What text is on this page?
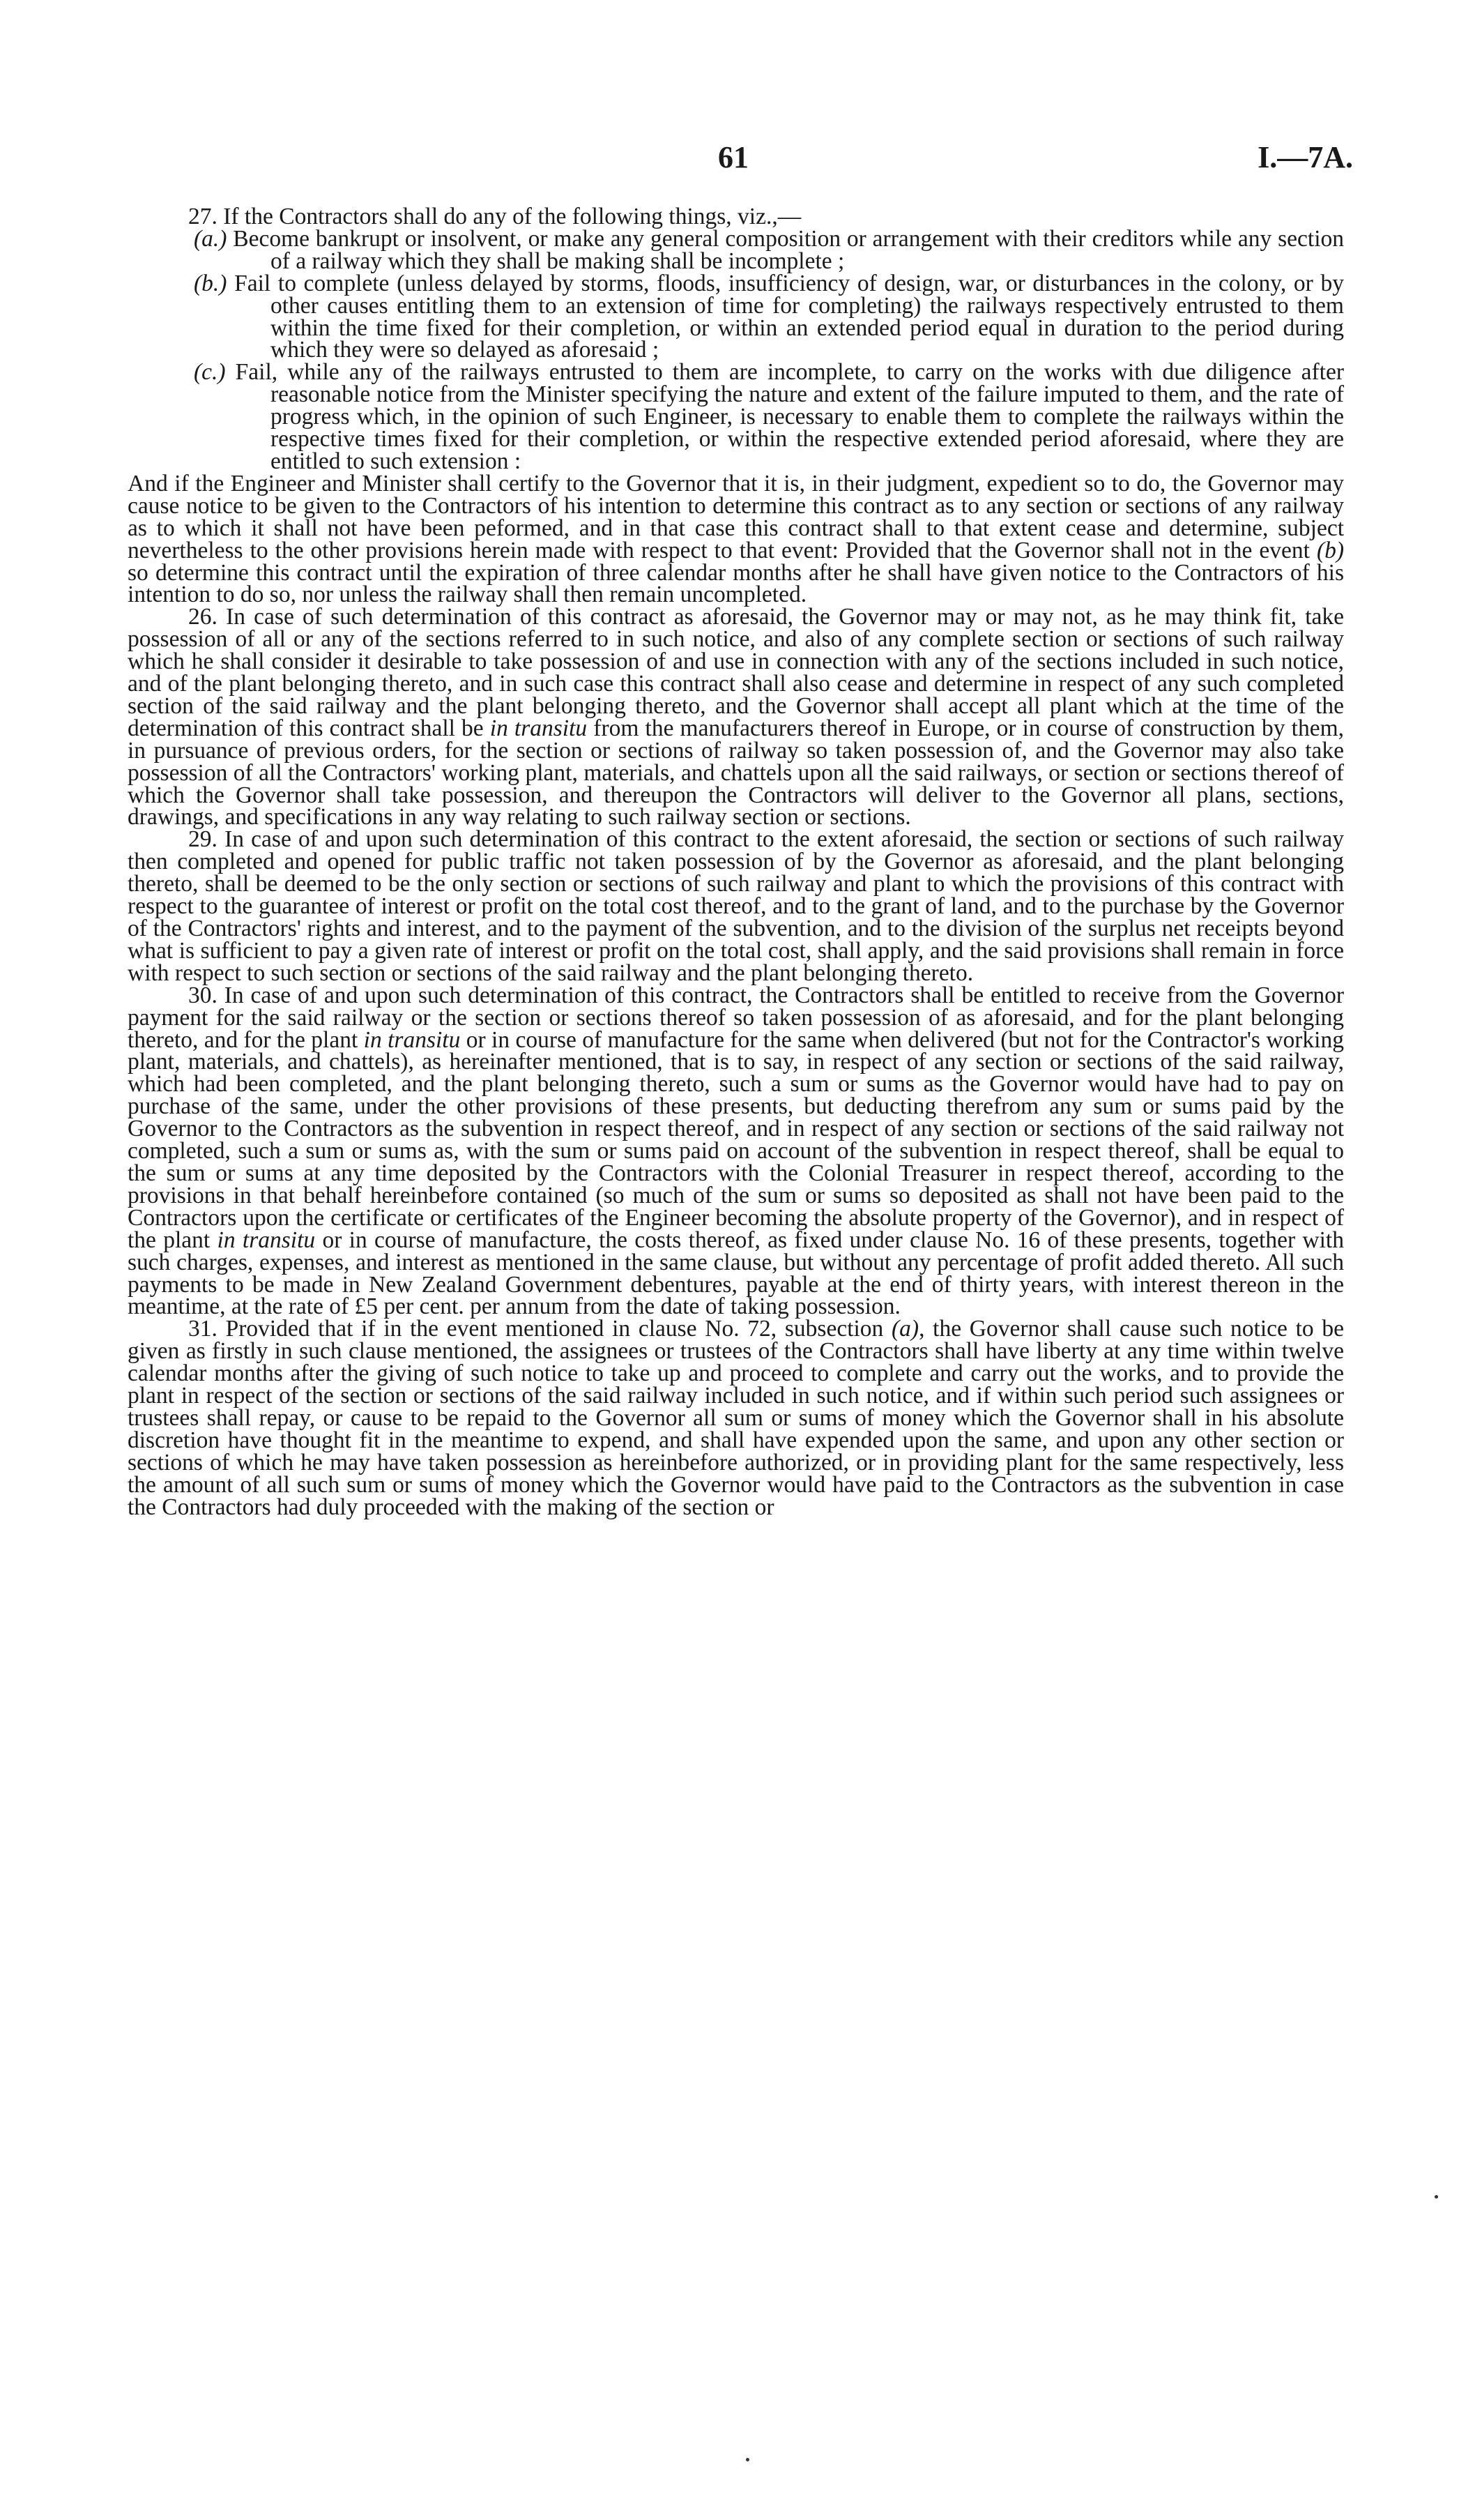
61	I.—7A.

27. If the Contractors shall do any of the following things, viz.,—

(a.) Become bankrupt or insolvent, or make any general composition or arrangement with their creditors while any section of a railway which they shall be making shall be incomplete ;

(b.) Fail to complete (unless delayed by storms, floods, insufficiency of design, war, or disturbances in the colony, or by other causes entitling them to an extension of time for completing) the railways respectively entrusted to them within the time fixed for their completion, or within an extended period equal in duration to the period during which they were so delayed as aforesaid ;

(c.) Fail, while any of the railways entrusted to them are incomplete, to carry on the works with due diligence after reasonable notice from the Minister specifying the nature and extent of the failure imputed to them, and the rate of progress which, in the opinion of such Engineer, is necessary to enable them to complete the railways within the respective times fixed for their completion, or within the respective extended period aforesaid, where they are entitled to such extension :

And if the Engineer and Minister shall certify to the Governor that it is, in their judgment, expedient so to do, the Governor may cause notice to be given to the Contractors of his intention to determine this contract as to any section or sections of any railway as to which it shall not have been peformed, and in that case this contract shall to that extent cease and determine, subject nevertheless to the other provisions herein made with respect to that event: Provided that the Governor shall not in the event (b) so determine this contract until the expiration of three calendar months after he shall have given notice to the Contractors of his intention to do so, nor unless the railway shall then remain uncompleted.

26. In case of such determination of this contract as aforesaid, the Governor may or may not, as he may think fit, take possession of all or any of the sections referred to in such notice, and also of any complete section or sections of such railway which he shall consider it desirable to take possession of and use in connection with any of the sections included in such notice, and of the plant belonging thereto, and in such case this contract shall also cease and determine in respect of any such completed section of the said railway and the plant belonging thereto, and the Governor shall accept all plant which at the time of the determination of this contract shall be in transitu from the manufacturers thereof in Europe, or in course of construction by them, in pursuance of previous orders, for the section or sections of railway so taken possession of, and the Governor may also take possession of all the Contractors' working plant, materials, and chattels upon all the said railways, or section or sections thereof of which the Governor shall take possession, and thereupon the Contractors will deliver to the Governor all plans, sections, drawings, and specifications in any way relating to such railway section or sections.

29. In case of and upon such determination of this contract to the extent aforesaid, the section or sections of such railway then completed and opened for public traffic not taken possession of by the Governor as aforesaid, and the plant belonging thereto, shall be deemed to be the only section or sections of such railway and plant to which the provisions of this contract with respect to the guarantee of interest or profit on the total cost thereof, and to the grant of land, and to the purchase by the Governor of the Contractors' rights and interest, and to the payment of the subvention, and to the division of the surplus net receipts beyond what is sufficient to pay a given rate of interest or profit on the total cost, shall apply, and the said provisions shall remain in force with respect to such section or sections of the said railway and the plant belonging thereto.

30. In case of and upon such determination of this contract, the Contractors shall be entitled to receive from the Governor payment for the said railway or the section or sections thereof so taken possession of as aforesaid, and for the plant belonging thereto, and for the plant in transitu or in course of manufacture for the same when delivered (but not for the Contractor's working plant, materials, and chattels), as hereinafter mentioned, that is to say, in respect of any section or sections of the said railway, which had been completed, and the plant belonging thereto, such a sum or sums as the Governor would have had to pay on purchase of the same, under the other provisions of these presents, but deducting therefrom any sum or sums paid by the Governor to the Contractors as the subvention in respect thereof, and in respect of any section or sections of the said railway not completed, such a sum or sums as, with the sum or sums paid on account of the subvention in respect thereof, shall be equal to the sum or sums at any time deposited by the Contractors with the Colonial Treasurer in respect thereof, according to the provisions in that behalf hereinbefore contained (so much of the sum or sums so deposited as shall not have been paid to the Contractors upon the certificate or certificates of the Engineer becoming the absolute property of the Governor), and in respect of the plant in transitu or in course of manufacture, the costs thereof, as fixed under clause No. 16 of these presents, together with such charges, expenses, and interest as mentioned in the same clause, but without any percentage of profit added thereto. All such payments to be made in New Zealand Government debentures, payable at the end of thirty years, with interest thereon in the meantime, at the rate of £5 per cent. per annum from the date of taking possession.

31. Provided that if in the event mentioned in clause No. 72, subsection (a), the Governor shall cause such notice to be given as firstly in such clause mentioned, the assignees or trustees of the Contractors shall have liberty at any time within twelve calendar months after the giving of such notice to take up and proceed to complete and carry out the works, and to provide the plant in respect of the section or sections of the said railway included in such notice, and if within such period such assignees or trustees shall repay, or cause to be repaid to the Governor all sum or sums of money which the Governor shall in his absolute discretion have thought fit in the meantime to expend, and shall have expended upon the same, and upon any other section or sections of which he may have taken possession as hereinbefore authorized, or in providing plant for the same respectively, less the amount of all such sum or sums of money which the Governor would have paid to the Contractors as the subvention in case the Contractors had duly proceeded with the making of the section or
